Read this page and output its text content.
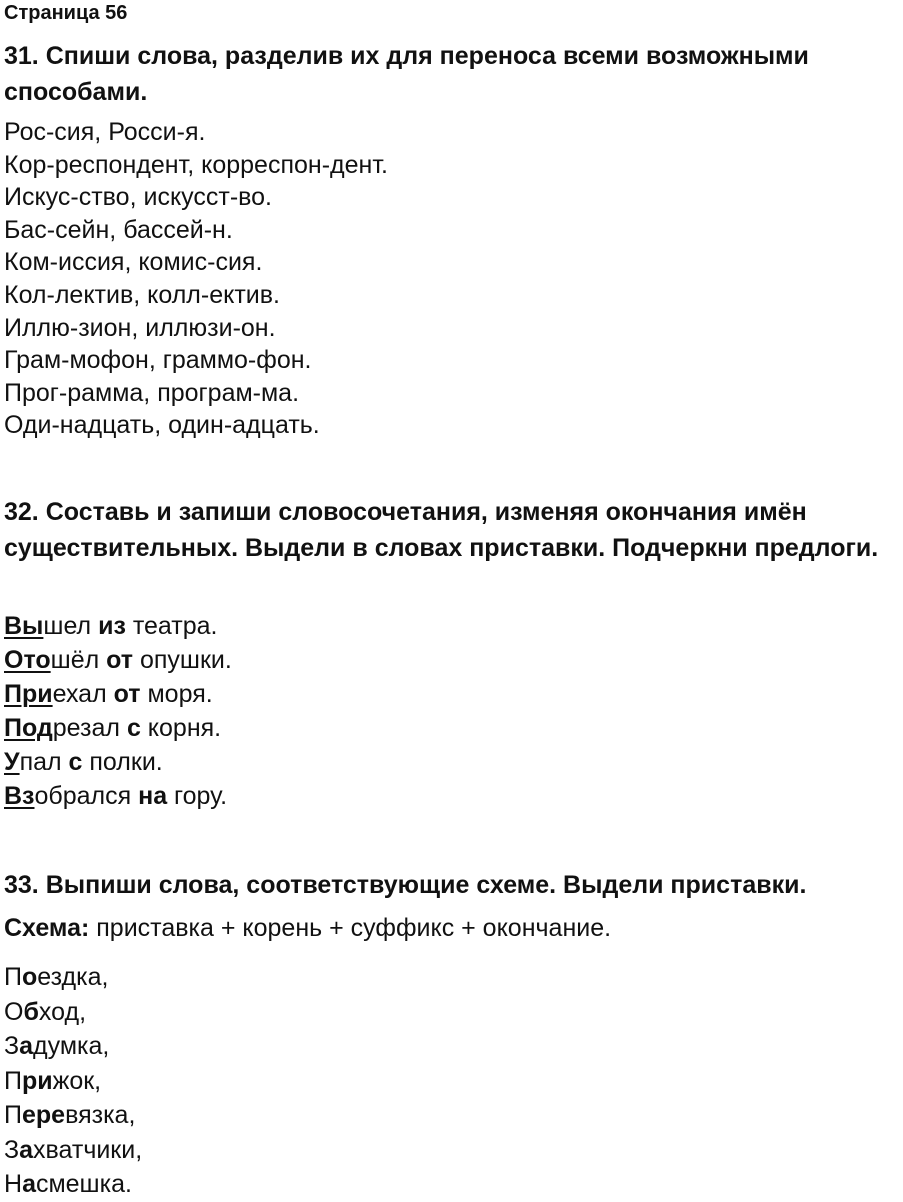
Страница 56
31. Спиши слова, разделив их для переноса всеми возможными способами.
Рос-сия, Росси-я.
Кор-респондент, корреспон-дент.
Искус-ство, искусст-во.
Бас-сейн, бассей-н.
Ком-иссия, комис-сия.
Кол-лектив, колл-ектив.
Иллю-зион, иллюзи-он.
Грам-мофон, граммо-фон.
Прог-рамма, програм-ма.
Оди-надцать, один-адцать.
32. Составь и запиши словосочетания, изменяя окончания имён существительных. Выдели в словах приставки. Подчеркни предлоги.
Вышел из театра.
Отошёл от опушки.
Приехал от моря.
Подрезал с корня.
Упал с полки.
Взобрался на гору.
33. Выпиши слова, соответствующие схеме. Выдели приставки.
Схема: приставка + корень + суффикс + окончание.
Поездка,
Обход,
Задумка,
Прижок,
Перевязка,
Захватчики,
Насмешка.
